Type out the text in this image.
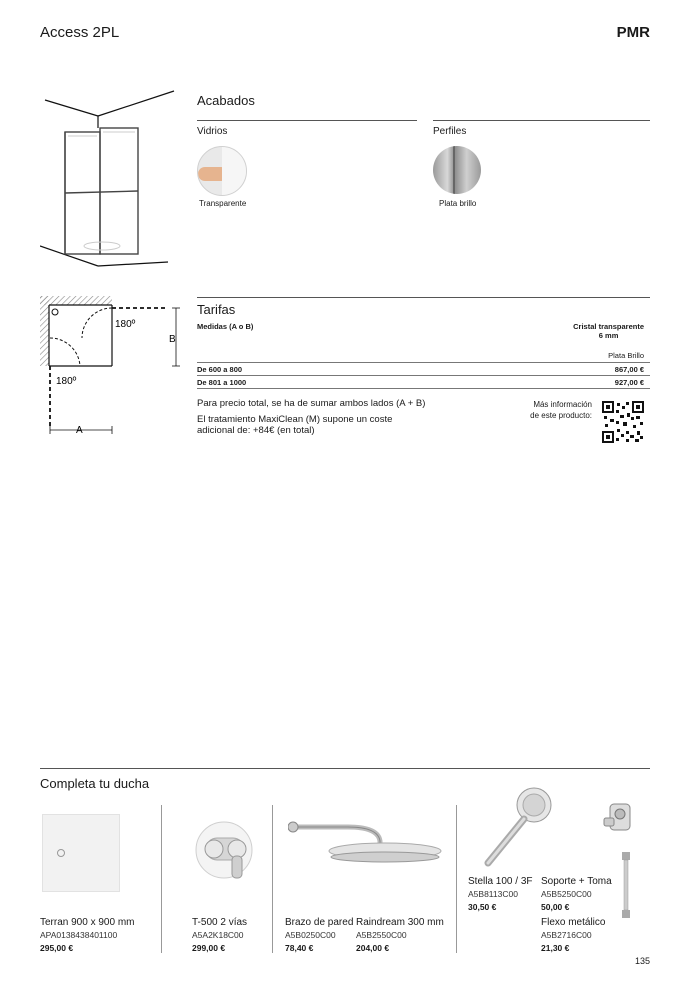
Access 2PL	PMR
B
A
180º
180º
Acabados
Vidrios	Perfiles
Transparente	Plata brillo
Tarifas
Medidas (A o B)	Cristal transparente
6 mm
Plata Brillo
De 600 a 800	867,00 €
De 801 a 1000	927,00 €
Para precio total, se ha de sumar ambos lados (A + B)
El tratamiento MaxiClean (M) supone un coste
adicional de: +84€ (en total)
Más información
de este producto:
Completa tu ducha
Terran 900 x 900 mm
APA0138438401100
295,00 €
T-500 2 vías
A5A2K18C00
299,00 €
Brazo de pared
A5B0250C00
78,40 €
Raindream 300 mm
A5B2550C00
204,00 €
Stella 100 / 3F
A5B8113C00
30,50 €
Soporte + Toma
A5B5250C00
50,00 €
Flexo metálico
A5B2716C00
21,30 €
135
